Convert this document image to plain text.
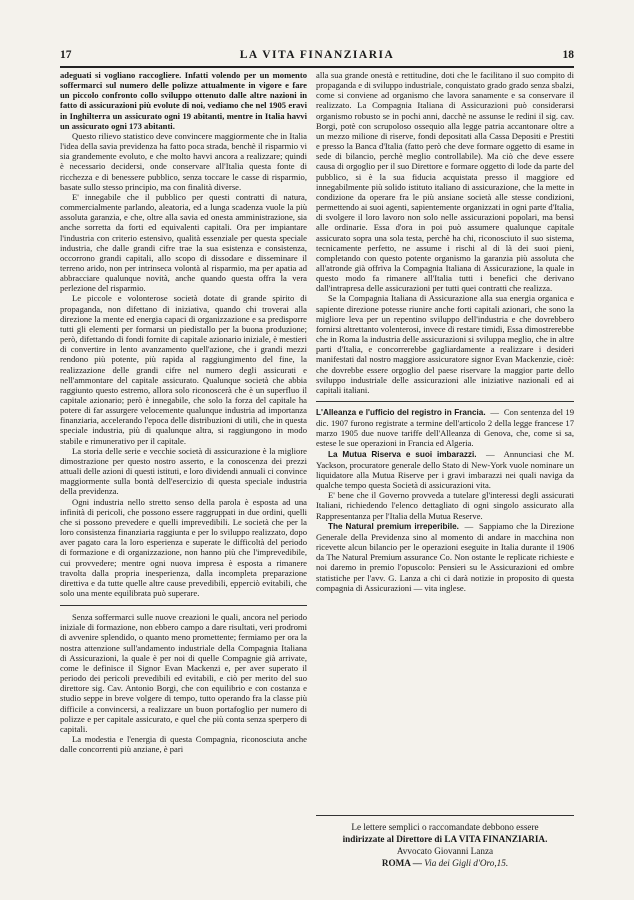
17	LA VITA FINANZIARIA	18

adeguati si vogliano raccogliere. Infatti volendo per un momento soffermarci sul numero delle polizze attualmente in vigore e fare un piccolo confronto collo sviluppo ottenuto dalle altre nazioni in fatto di assicurazioni più evolute di noi, vediamo che nel 1905 eravi in Inghilterra un assicurato ogni 19 abitanti, mentre in Italia havvi un assicurato ogni 173 abitanti.

Questo rilievo statistico deve convincere maggiormente che in Italia l'idea della savia previdenza ha fatto poca strada, benchè il risparmio vi sia grandemente evoluto, e che molto havvi ancora a realizzare; quindi è necessario decidersi, onde conservare all'Italia questa fonte di ricchezza e di benessere pubblico, senza toccare le casse di risparmio, basate sullo stesso principio, ma con finalità diverse.

E' innegabile che il pubblico per questi contratti di natura, commercialmente parlando, aleatoria, ed a lunga scadenza vuole la più assoluta garanzia, e che, oltre alla savia ed onesta amministrazione, sia anche sorretta da forti ed equivalenti capitali. Ora per impiantare l'industria con criterio estensivo, qualità essenziale per questa speciale industria, che dalle grandi cifre trae la sua esistenza e consistenza, occorrono grandi capitali, allo scopo di dissodare e disseminare il terreno arido, non per intrinseca volontà al risparmio, ma per apatia ad abbracciare qualunque novità, anche quando questa offra la vera perlezione del risparmio.

Le piccole e volonterose società dotate di grande spirito di propaganda, non difettano di iniziativa, quando chi troverai alla direzione la mente ed energia capaci di organizzazione e sa predisporre tutti gli elementi per formarsi un piedistallo per la buona produzione; però, difettando di fondi fornite di capitale azionario iniziale, è mestieri di convertire in lento avanzamento quell'azione, che i grandi mezzi rendono più potente, più rapida al raggiungimento del fine, la realizzazione delle grandi cifre nel numero degli assicurati e nell'ammontare del capitale assicurato. Qualunque società che abbia raggiunto questo estremo, allora solo riconoscerà che è un superfluo il capitale azionario; però è innegabile, che solo la forza del capitale ha potere di far assurgere velocemente qualunque industria ad importanza finanziaria, accelerando l'epoca delle distribuzioni di utili, che in questa speciale industria, più di qualunque altra, si raggiungono in modo stabile e rimunerativo per il capitale.

La storia delle serie e vecchie società di assicurazione è la migliore dimostrazione per questo nostro asserto, e la conoscenza dei prezzi attuali delle azioni di questi istituti, e loro dividendi annuali ci convince maggiormente sulla bontà dell'esercizio di questa speciale industria della previdenza.

Ogni industria nello stretto senso della parola è esposta ad una infinità di pericoli, che possono essere raggruppati in due ordini, quelli che si possono prevedere e quelli imprevedibili. Le società che per la loro consistenza finanziaria raggiunta e per lo sviluppo realizzato, dopo aver pagato cara la loro esperienza e superate le difficoltà del periodo di formazione e di organizzazione, non hanno più che l'imprevedibile, cui provvedere; mentre ogni nuova impresa è esposta a rimanere travolta dalla propria inesperienza, dalla incompleta preparazione direttiva e da tutte quelle altre cause prevedibili, epperciò evitabili, che solo una mente equilibrata può superare.

Senza soffermarci sulle nuove creazioni le quali, ancora nel periodo iniziale di formazione, non ebbero campo a dare risultati, veri prodromi di avvenire splendido, o quanto meno promettente; fermiamo per ora la nostra attenzione sull'andamento industriale della Compagnia Italiana di Assicurazioni, la quale è per noi di quelle Compagnie già arrivate, come le definisce il Signor Evan Mackenzi e, per aver superato il periodo dei pericoli prevedibili ed evitabili, e ciò per merito del suo direttore sig. Cav. Antonio Borgi, che con equilibrio e con costanza e studio seppe in breve volgere di tempo, tutto operando fra la classe più difficile a convincersi, a realizzare un buon portafoglio per numero di polizze e per capitale assicurato, e quel che più conta senza sperpero di capitali.

La modestia e l'energia di questa Compagnia, riconosciuta anche dalle concorrenti più anziane, è pari

alla sua grande onestà e rettitudine, doti che le facilitano il suo compito di propaganda e di sviluppo industriale, conquistato grado grado senza sbalzi, come si conviene ad organismo che lavora sanamente e sa conservare il realizzato. La Compagnia Italiana di Assicurazioni può considerarsi organismo robusto se in pochi anni, dacchè ne assunse le redini il sig. cav. Borgi, potè con scrupoloso ossequio alla legge patria accantonare oltre a un mezzo milione di riserve, fondi depositati alla Cassa Depositi e Prestiti e presso la Banca d'Italia (fatto però che deve formare oggetto di esame in sede di bilancio, perchè meglio controllabile). Ma ciò che deve essere causa di orgoglio per il suo Direttore e formare oggetto di lode da parte del pubblico, si è la sua fiducia acquistata presso il maggiore ed innegabilmente più solido istituto italiano di assicurazione, che la mette in condizione da operare fra le più ansiane società alle stesse condizioni, permettendo ai suoi agenti, sapientemente organizzati in ogni parte d'Italia, di svolgere il loro lavoro non solo nelle assicurazioni popolari, ma bensì alle ordinarie. Essa d'ora in poi può assumere qualunque capitale assicurato sopra una sola testa, perchè ha chi, riconosciuto il suo sistema, tecnicamente perfetto, ne assume i rischi al di là dei suoi pieni, completando con questo potente organismo la garanzia più assoluta che all'atronde già offriva la Compagnia Italiana di Assicurazione, la quale in questo modo fa rimanere all'Italia tutti i benefici che derivano dall'intrapresa delle assicurazioni per tutti quei contratti che realizza.

Se la Compagnia Italiana di Assicurazione alla sua energia organica e sapiente direzione potesse riunire anche forti capitali azionari, che sono la migliore leva per un repentino sviluppo dell'industria e che dovrebbero fornirsi altrettanto volenterosi, invece di restare timidi, Essa dimostrerebbe che in Roma la industria delle assicurazioni si sviluppa meglio, che in altre parti d'Italia, e concorrerebbe gagliardamente a realizzare i desideri manifestati dal nostro maggiore assicuratore signor Evan Mackenzie, cioè: che dovrebbe essere orgoglio del paese riservare la maggior parte dello sviluppo industriale delle assicurazioni alle iniziative nazionali ed ai capitali italiani.

L'Alleanza e l'ufficio del registro in Francia.  —  Con sentenza del 19 dic. 1907 furono registrate a termine dell'articolo 2 della legge francese 17 marzo 1905 due nuove tariffe dell'Alleanza di Genova, che, come si sa, estese le sue operazioni in Francia ed Algeria.

La Mutua Riserva e suoi imbarazzi.  —  Annunciasi che M. Yackson, procuratore generale dello Stato di New-York vuole nominare un liquidatore alla Mutua Riserve per i gravi imbarazzi nei quali naviga da qualche tempo questa Società di assicurazioni vita.

E' bene che il Governo provveda a tutelare gl'interessi degli assicurati Italiani, richiedendo l'elenco dettagliato di ogni singolo assicurato alla Rappresentanza per l'Italia della Mutua Reserve.

The Natural premium irreperibile.  —  Sappiamo che la Direzione Generale della Previdenza sino al momento di andare in macchina non ricevette alcun bilancio per le operazioni eseguite in Italia durante il 1906 da The Natural Premium assurance Co. Non ostante le replicate richieste e noi daremo in premio l'opuscolo: Pensieri su le Assicurazioni ed ombre statistiche per l'avv. G. Lanza a chi ci darà notizie in proposito di questa compagnia di Assicurazioni — vita inglese.

Le lettere semplici o raccomandate debbono essere
indirizzate al Direttore di LA VITA FINANZIARIA.
Avvocato Giovanni Lanza
ROMA — Via dei Gigli d'Oro,15.
